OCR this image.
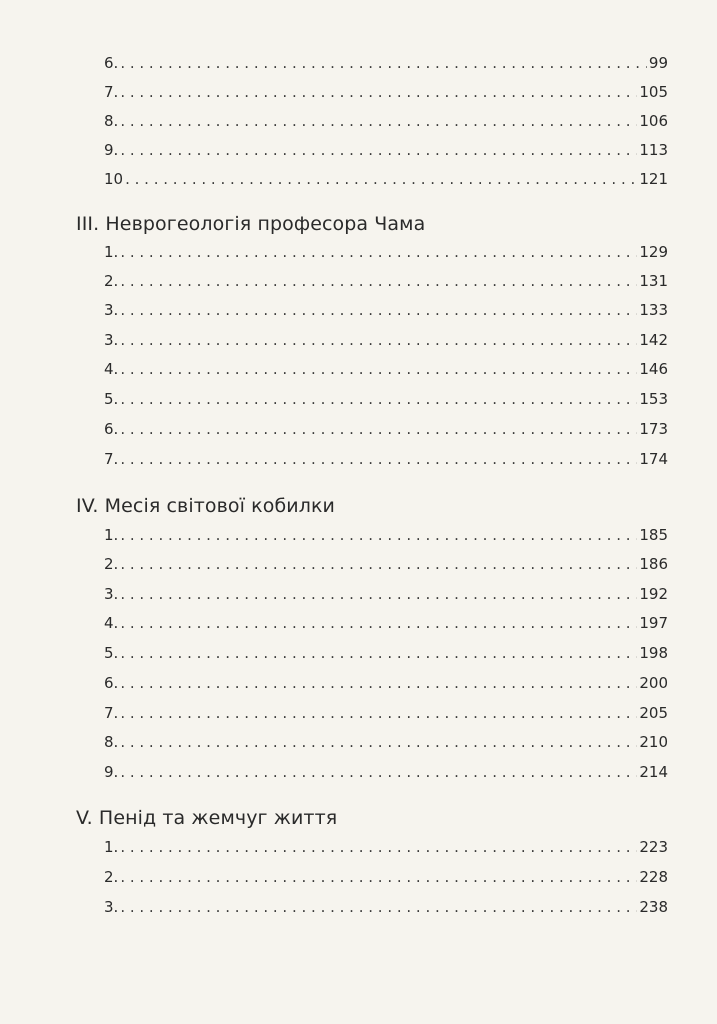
6. . . .	99
7. . . .	105
8. . . .	106
9. . . .	113
10 . . .	121
III. Неврогеологія професора Чама
1. . . .	129
2. . . .	131
3. . . .	133
3. . . .	142
4. . . .	146
5. . . .	153
6. . . .	173
7. . . .	174
IV. Месія світової кобилки
1. . . .	185
2. . . .	186
3. . . .	192
4. . . .	197
5. . . .	198
6. . . .	200
7. . . .	205
8. . . .	210
9. . . .	214
V. Пенід та жемчуг життя
1. . . .	223
2. . . .	228
3. . . .	238
